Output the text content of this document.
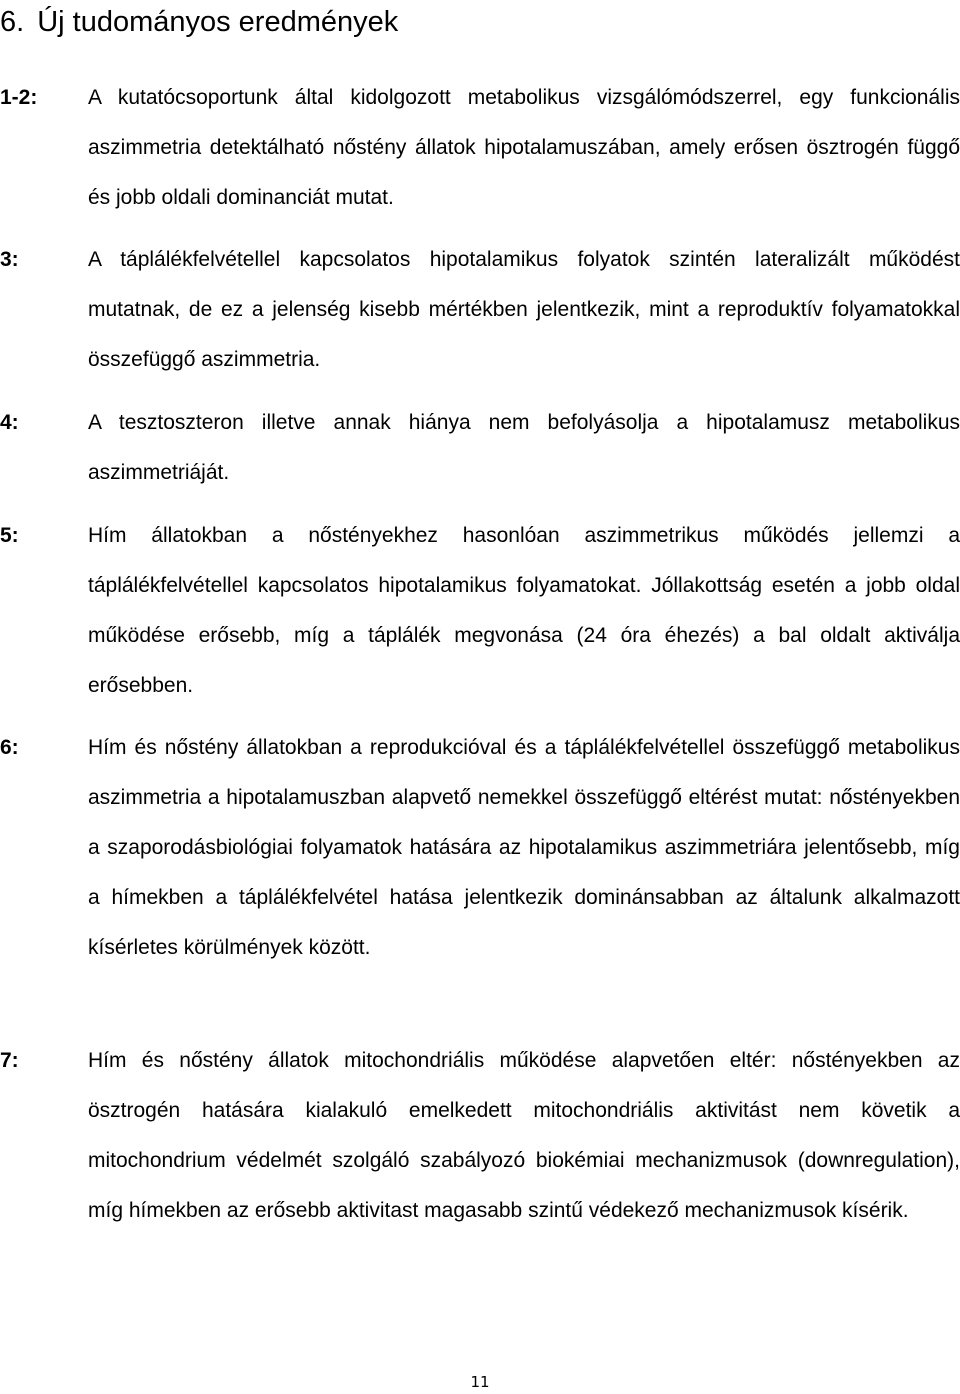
6. Új tudományos eredmények
1-2: A kutatócsoportunk által kidolgozott metabolikus vizsgálómódszerrel, egy funkcionális aszimmetria detektálható nőstény állatok hipotalamuszában, amely erősen ösztrogén függő és jobb oldali dominanciát mutat.
3:	A táplálékfelvétellel kapcsolatos hipotalamikus folyatok szintén lateralizált működést mutatnak, de ez a jelenség kisebb mértékben jelentkezik, mint a reproduktív folyamatokkal összefüggő aszimmetria.
4:	A tesztoszteron illetve annak hiánya nem befolyásolja a hipotalamusz metabolikus aszimmetriáját.
5:	Hím állatokban a nőstényekhez hasonlóan aszimmetrikus működés jellemzi a táplálékfelvétellel kapcsolatos hipotalamikus folyamatokat. Jóllakottság esetén a jobb oldal működése erősebb, míg a táplálék megvonása (24 óra éhezés) a bal oldalt aktiválja erősebben.
6:	Hím és nőstény állatokban a reprodukcióval és a táplálékfelvétellel összefüggő metabolikus aszimmetria a hipotalamuszban alapvető nemekkel összefüggő eltérést mutat: nőstényekben a szaporodásbiológiai folyamatok hatására az hipotalamikus aszimmetriára jelentősebb, míg a hímekben a táplálékfelvétel hatása jelentkezik dominánsabban az általunk alkalmazott kísérletes körülmények között.
7:	Hím és nőstény állatok mitochondriális működése alapvetően eltér: nőstényekben az ösztrogén hatására kialakuló emelkedett mitochondriális aktivitást nem követik a mitochondrium védelmét szolgáló szabályozó biokémiai mechanizmusok (downregulation), míg hímekben az erősebb aktivitast magasabb szintű védekező mechanizmusok kísérik.
11
